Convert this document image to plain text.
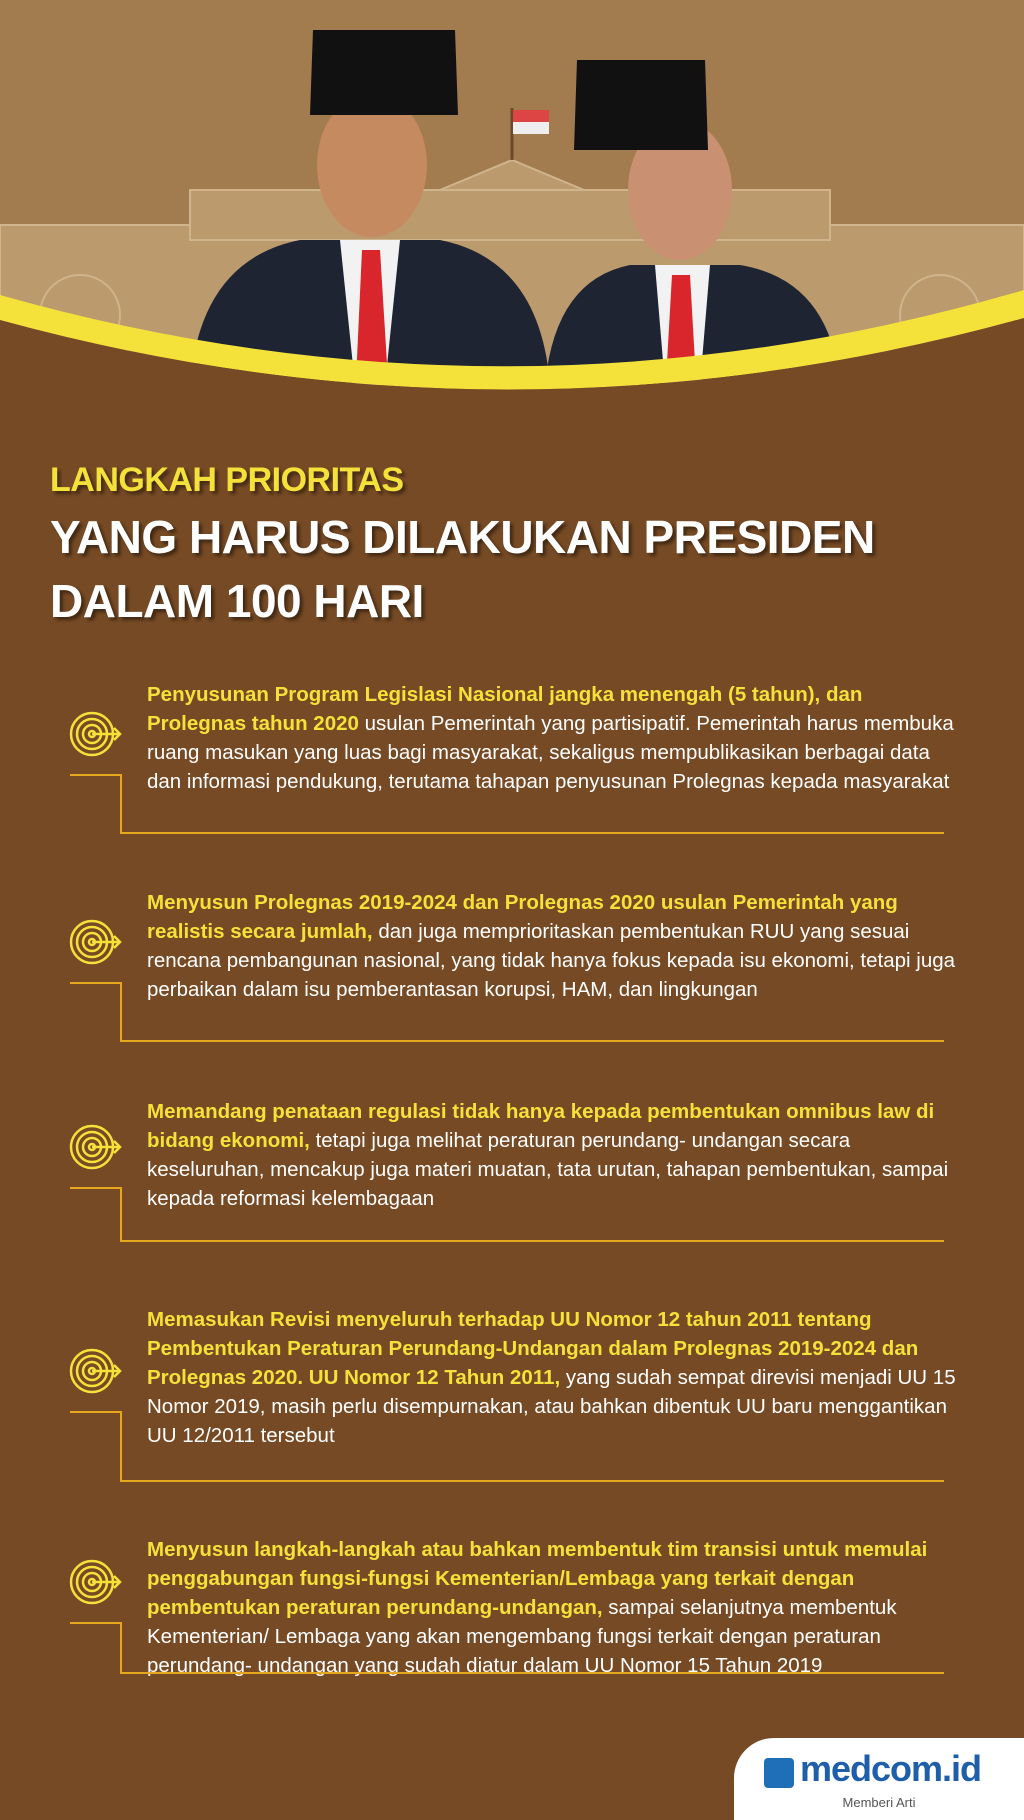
LANGKAH PRIORITAS
YANG HARUS DILAKUKAN PRESIDEN
DALAM 100 HARI
Penyusunan Program Legislasi Nasional jangka menengah (5 tahun), dan Prolegnas tahun 2020 usulan Pemerintah yang partisipatif. Pemerintah harus membuka ruang masukan yang luas bagi masyarakat, sekaligus mempublikasikan berbagai data dan informasi pendukung, terutama tahapan penyusunan Prolegnas kepada masyarakat
Menyusun Prolegnas 2019-2024 dan Prolegnas 2020 usulan Pemerintah yang realistis secara jumlah, dan juga memprioritaskan pembentukan RUU yang sesuai rencana pembangunan nasional, yang tidak hanya fokus kepada isu ekonomi, tetapi juga perbaikan dalam isu pemberantasan korupsi, HAM, dan lingkungan
Memandang penataan regulasi tidak hanya kepada pembentukan omnibus law di bidang ekonomi, tetapi juga melihat peraturan perundang- undangan secara keseluruhan, mencakup juga materi muatan, tata urutan, tahapan pembentukan, sampai kepada reformasi kelembagaan
Memasukan Revisi menyeluruh terhadap UU Nomor 12 tahun 2011 tentang Pembentukan Peraturan Perundang-Undangan dalam Prolegnas 2019-2024 dan Prolegnas 2020. UU Nomor 12 Tahun 2011, yang sudah sempat direvisi menjadi UU 15 Nomor 2019, masih perlu disempurnakan, atau bahkan dibentuk UU baru menggantikan UU 12/2011 tersebut
Menyusun langkah-langkah atau bahkan membentuk tim transisi untuk memulai penggabungan fungsi-fungsi Kementerian/Lembaga yang terkait dengan pembentukan peraturan perundang-undangan, sampai selanjutnya membentuk Kementerian/ Lembaga yang akan mengembang fungsi terkait dengan peraturan perundang- undangan yang sudah diatur dalam UU Nomor 15 Tahun 2019
medcom.id
Memberi Arti
